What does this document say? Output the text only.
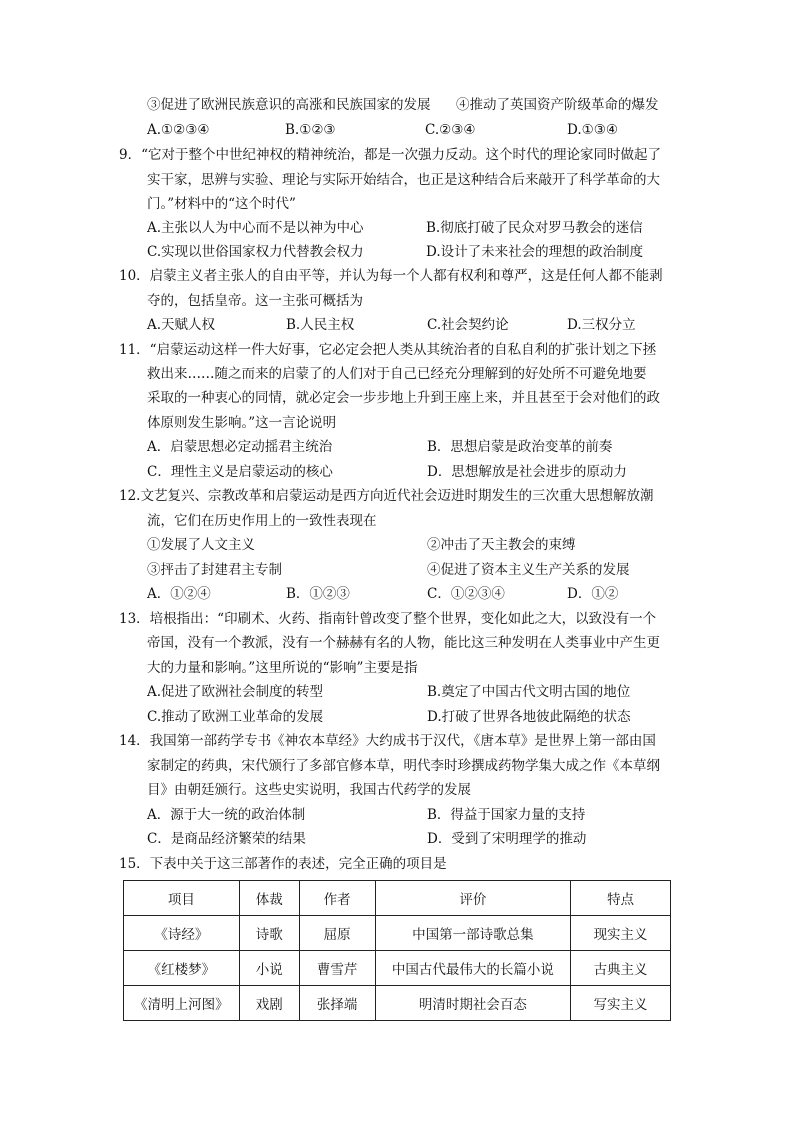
③促进了欧洲民族意识的高涨和民族国家的发展 ④推动了英国资产阶级革命的爆发
A.①②③④	B.①②③	C.②③④	D.①③④
9．“它对于整个中世纪神权的精神统治，都是一次强力反动。这个时代的理论家同时做起了
实干家，思辨与实验、理论与实际开始结合，也正是这种结合后来敲开了科学革命的大
门。”材料中的“这个时代”
A.主张以人为中心而不是以神为中心	B.彻底打破了民众对罗马教会的迷信
C.实现以世俗国家权力代替教会权力	D.设计了未来社会的理想的政治制度
10．启蒙主义者主张人的自由平等，并认为每一个人都有权利和尊严，这是任何人都不能剥
夺的，包括皇帝。这一主张可概括为
A.天赋人权	B.人民主权	C.社会契约论	D.三权分立
11．“启蒙运动这样一件大好事，它必定会把人类从其统治者的自私自利的扩张计划之下拯
救出来……随之而来的启蒙了的人们对于自己已经充分理解到的好处所不可避免地要
采取的一种衷心的同情，就必定会一步步地上升到王座上来，并且甚至于会对他们的政
体原则发生影响。”这一言论说明
A．启蒙思想必定动摇君主统治	B．思想启蒙是政治变革的前奏
C．理性主义是启蒙运动的核心	D．思想解放是社会进步的原动力
12.文艺复兴、宗教改革和启蒙运动是西方向近代社会迈进时期发生的三次重大思想解放潮
流，它们在历史作用上的一致性表现在
①发展了人文主义	②冲击了天主教会的束缚
③抨击了封建君主专制	④促进了资本主义生产关系的发展
A．①②④	B．①②③	C．①②③④	D．①②
13．培根指出：“印刷术、火药、指南针曾改变了整个世界，变化如此之大，以致没有一个
帝国，没有一个教派，没有一个赫赫有名的人物，能比这三种发明在人类事业中产生更
大的力量和影响。”这里所说的“影响”主要是指
A.促进了欧洲社会制度的转型	B.奠定了中国古代文明古国的地位
C.推动了欧洲工业革命的发展	D.打破了世界各地彼此隔绝的状态
14．我国第一部药学专书《神农本草经》大约成书于汉代，《唐本草》是世界上第一部由国
家制定的药典，宋代颁行了多部官修本草，明代李时珍撰成药物学集大成之作《本草纲
目》由朝廷颁行。这些史实说明，我国古代药学的发展
A．源于大一统的政治体制	B．得益于国家力量的支持
C．是商品经济繁荣的结果	D．受到了宋明理学的推动
15．下表中关于这三部著作的表述，完全正确的项目是
项目	体裁	作者	评价	特点
《诗经》	诗歌	屈原	中国第一部诗歌总集	现实主义
《红楼梦》	小说	曹雪芹	中国古代最伟大的长篇小说	古典主义
《清明上河图》	戏剧	张择端	明清时期社会百态	写实主义
